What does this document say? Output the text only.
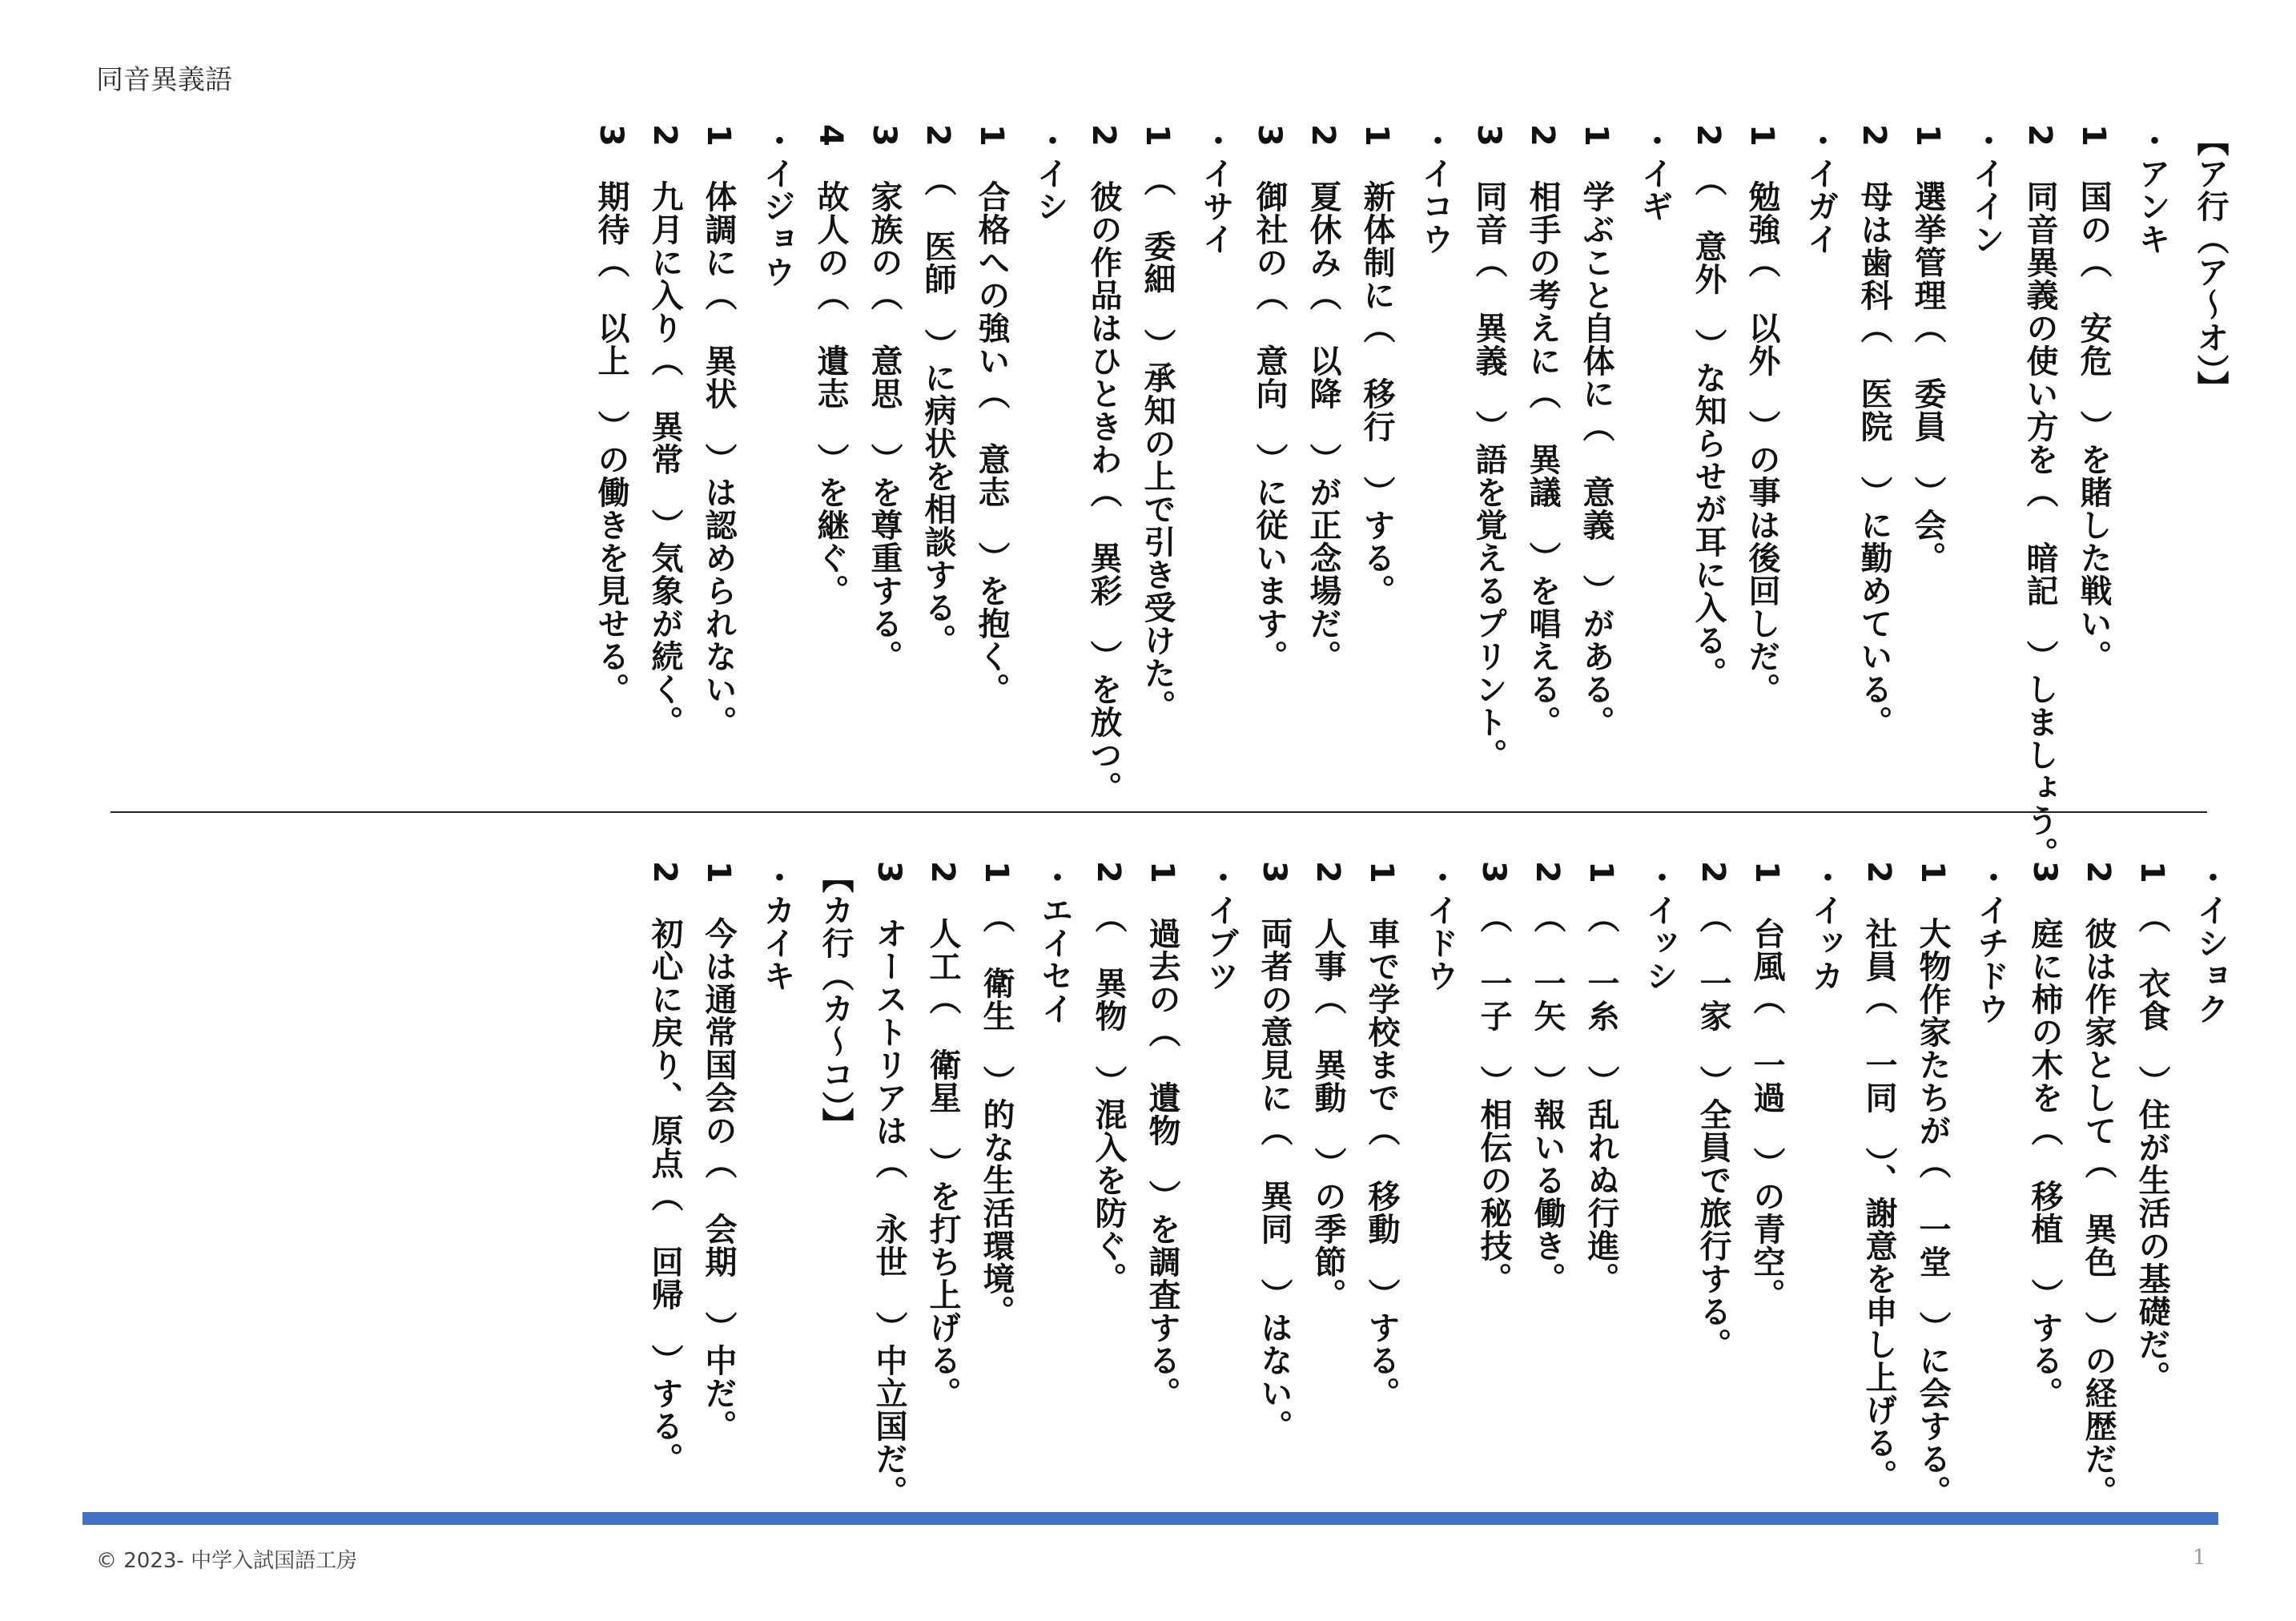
同音異義語
【ア行（ア～オ）】
・アンキ
1　国の（　安危　）を賭した戦い。
2　同音異義の使い方を（　暗記　）しましょう。
・イイン
1　選挙管理（　委員　）会。
2　母は歯科（　医院　）に勤めている。
・イガイ
1　勉強（　以外　）の事は後回しだ。
2　（　意外　）な知らせが耳に入る。
・イギ
1　学ぶこと自体に（　意義　）がある。
2　相手の考えに（　異議　）を唱える。
3　同音（　異義　）語を覚えるプリント。
・イコウ
1　新体制に（　移行　）する。
2　夏休み（　以降　）が正念場だ。
3　御社の（　意向　）に従います。
・イサイ
1　（　委細　）承知の上で引き受けた。
2　彼の作品はひときわ（　異彩　）を放つ。
・イシ
1　合格への強い（　意志　）を抱く。
2　（　医師　）に病状を相談する。
3　家族の（　意思　）を尊重する。
4　故人の（　遺志　）を継ぐ。
・イジョウ
1　体調に（　異状　）は認められない。
2　九月に入り（　異常　）気象が続く。
3　期待（　以上　）の働きを見せる。
・イショク
1　（　衣食　）住が生活の基礎だ。
2　彼は作家として（　異色　）の経歴だ。
3　庭に柿の木を（　移植　）する。
・イチドウ
1　大物作家たちが（　一堂　）に会する。
2　社員（　一同　）、謝意を申し上げる。
・イッカ
1　台風（　一過　）の青空。
2　（　一家　）全員で旅行する。
・イッシ
1　（　一糸　）乱れぬ行進。
2　（　一矢　）報いる働き。
3　（　一子　）相伝の秘技。
・イドウ
1　車で学校まで（　移動　）する。
2　人事（　異動　）の季節。
3　両者の意見に（　異同　）はない。
・イブツ
1　過去の（　遺物　）を調査する。
2　（　異物　）混入を防ぐ。
・エイセイ
1　（　衛生　）的な生活環境。
2　人工（　衛星　）を打ち上げる。
3　オーストリアは（　永世　）中立国だ。
【カ行（カ～コ）】
・カイキ
1　今は通常国会の（　会期　）中だ。
2　初心に戻り、原点（　回帰　）する。
© 2023- 中学入試国語工房	1
